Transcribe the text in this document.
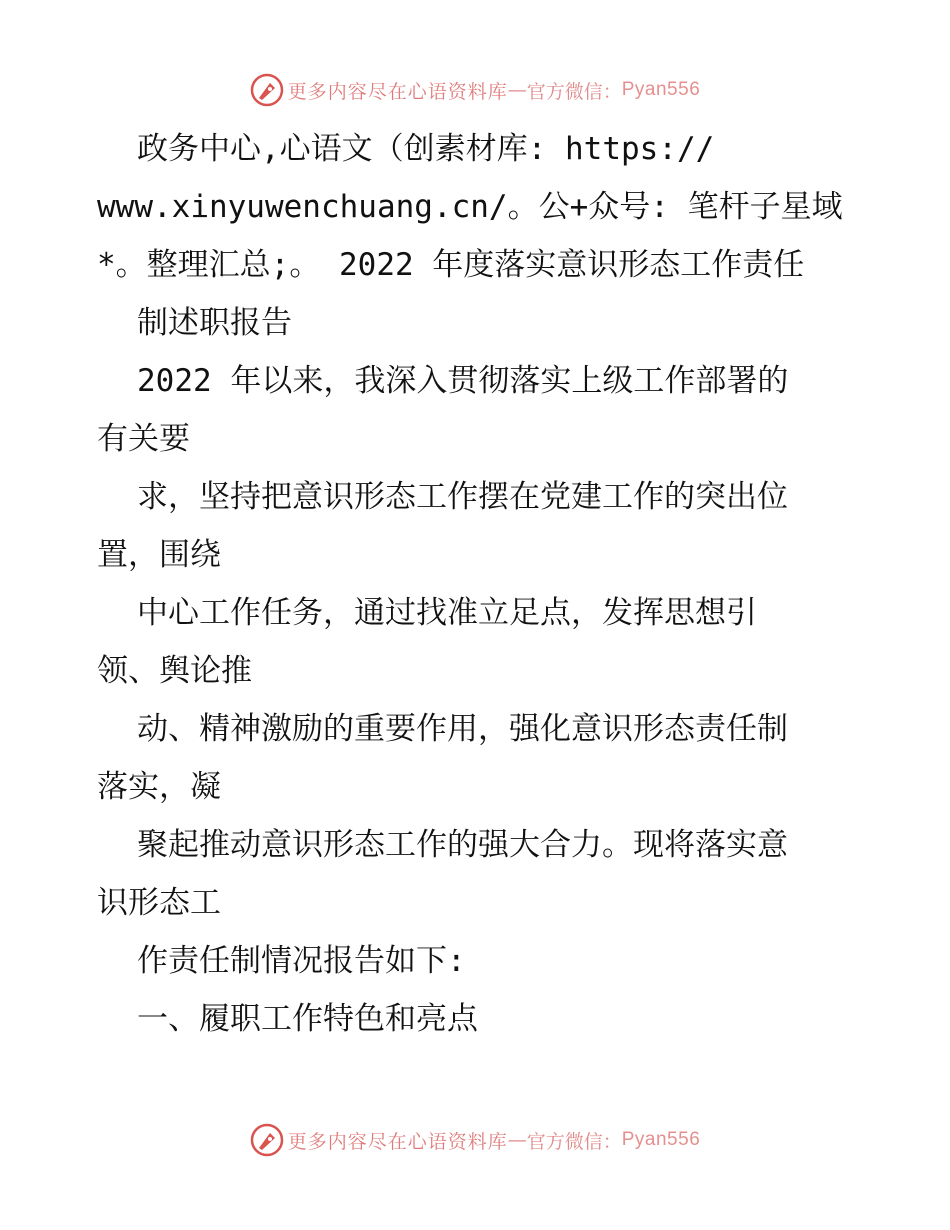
更多内容尽在心语资料库 — 官方微信： Pyan556
政务中心,心语文（创素材库: https://
www.xinyuwenchuang.cn/。公+众号: 笔杆子星域
*。整理汇总;。 2022 年度落实意识形态工作责任
制述职报告
2022 年以来，我深入贯彻落实上级工作部署的
有关要
求，坚持把意识形态工作摆在党建工作的突出位
置，围绕
中心工作任务，通过找准立足点，发挥思想引
领、舆论推
动、精神激励的重要作用，强化意识形态责任制
落实，凝
聚起推动意识形态工作的强大合力。现将落实意
识形态工
作责任制情况报告如下:
一、履职工作特色和亮点
更多内容尽在心语资料库 — 官方微信： Pyan556
